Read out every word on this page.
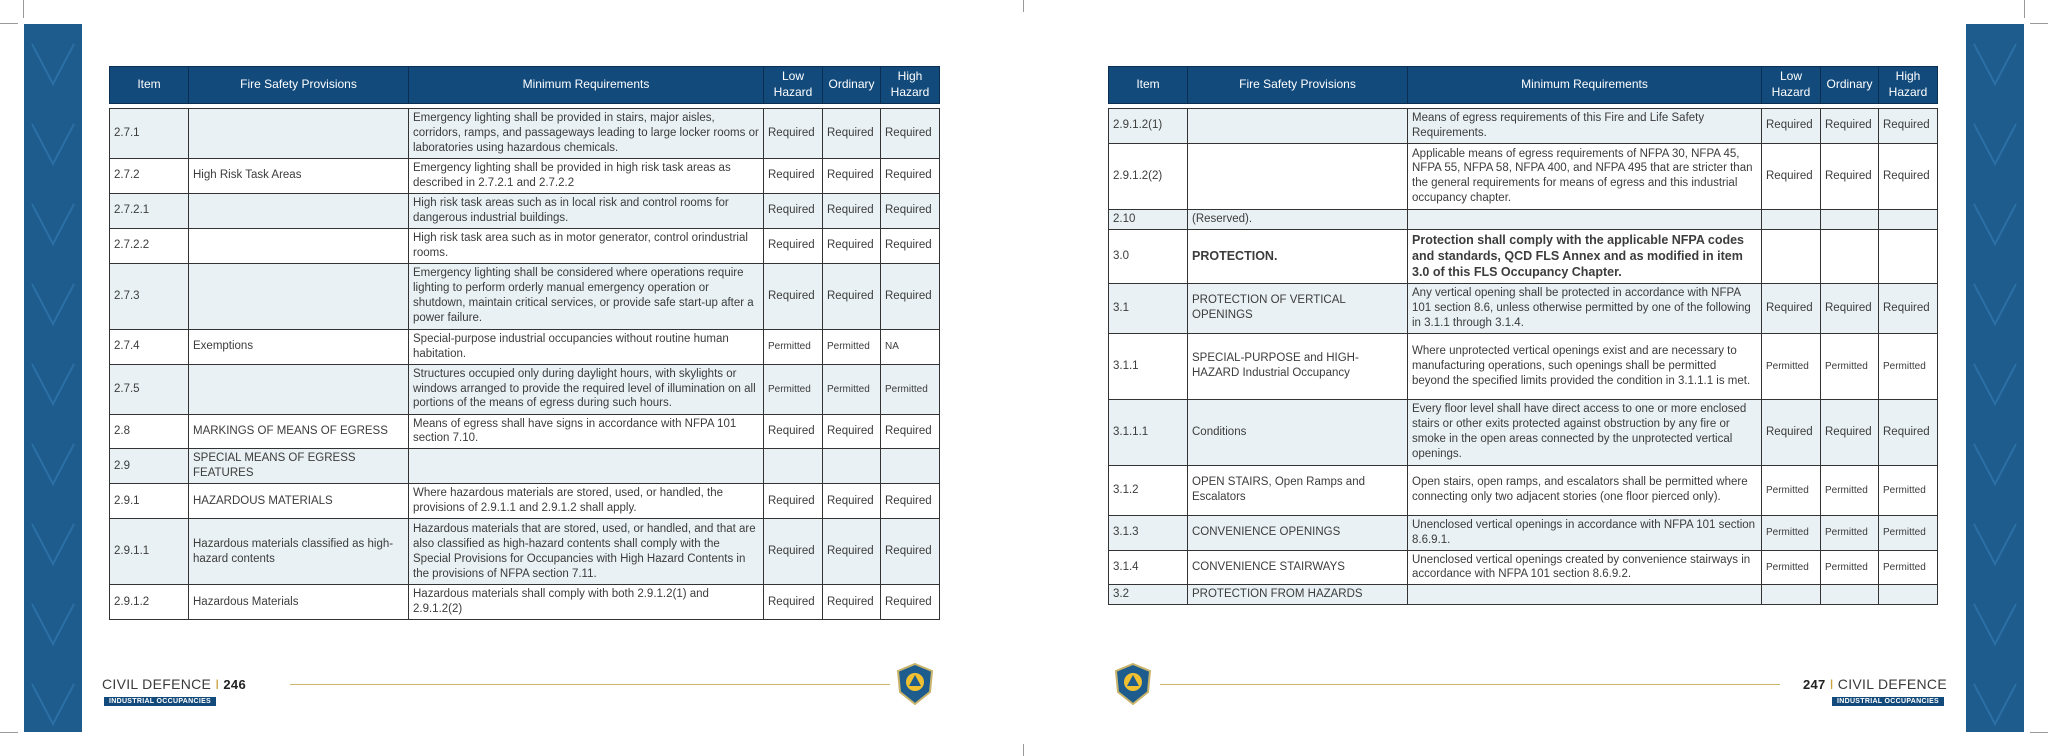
Item	Fire Safety Provisions	Minimum Requirements	Low Hazard	Ordinary	High Hazard

2.7.1		Emergency lighting shall be provided in stairs, major aisles, corridors, ramps, and passageways leading to large locker rooms or laboratories using hazardous chemicals.	Required	Required	Required
2.7.2	High Risk Task Areas	Emergency lighting shall be provided in high risk task areas as described in 2.7.2.1 and 2.7.2.2	Required	Required	Required
2.7.2.1		High risk task areas such as in local risk and control rooms for dangerous industrial buildings.	Required	Required	Required
2.7.2.2		High risk task area such as in motor generator, control orindustrial rooms.	Required	Required	Required
2.7.3		Emergency lighting shall be considered where operations require lighting to perform orderly manual emergency operation or shutdown, maintain critical services, or provide safe start-up after a power failure.	Required	Required	Required
2.7.4	Exemptions	Special-purpose industrial occupancies without routine human habitation.	Permitted	Permitted	NA
2.7.5		Structures occupied only during daylight hours, with skylights or windows arranged to provide the required level of illumination on all portions of the means of egress during such hours.	Permitted	Permitted	Permitted
2.8	MARKINGS OF MEANS OF EGRESS	Means of egress shall have signs in accordance with NFPA 101 section 7.10.	Required	Required	Required
2.9	SPECIAL MEANS OF EGRESS FEATURES				
2.9.1	HAZARDOUS MATERIALS	Where hazardous materials are stored, used, or handled, the provisions of 2.9.1.1 and 2.9.1.2 shall apply.	Required	Required	Required
2.9.1.1	Hazardous materials classified as high-hazard contents	Hazardous materials that are stored, used, or handled, and that are also classified as high-hazard contents shall comply with the Special Provisions for Occupancies with High Hazard Contents in the provisions of NFPA section 7.11.	Required	Required	Required
2.9.1.2	Hazardous Materials	Hazardous materials shall comply with both 2.9.1.2(1) and 2.9.1.2(2)	Required	Required	Required
Item	Fire Safety Provisions	Minimum Requirements	Low Hazard	Ordinary	High Hazard

2.9.1.2(1)		Means of egress requirements of this Fire and Life Safety Requirements.	Required	Required	Required
2.9.1.2(2)		Applicable means of egress requirements of NFPA 30, NFPA 45, NFPA 55, NFPA 58, NFPA 400, and NFPA 495 that are stricter than the general requirements for means of egress and this industrial occupancy chapter.	Required	Required	Required
2.10	(Reserved).				
3.0	PROTECTION.	Protection shall comply with the applicable NFPA codes and standards, QCD FLS Annex and as modified in item 3.0 of this FLS Occupancy Chapter.			
3.1	PROTECTION OF VERTICAL OPENINGS	Any vertical opening shall be protected in accordance with NFPA 101 section 8.6, unless otherwise permitted by one of the following in 3.1.1 through 3.1.4.	Required	Required	Required
3.1.1	SPECIAL-PURPOSE and HIGH-HAZARD Industrial Occupancy	Where unprotected vertical openings exist and are necessary to manufacturing operations, such openings shall be permitted beyond the specified limits provided the condition in 3.1.1.1 is met.	Permitted	Permitted	Permitted
3.1.1.1	Conditions	Every floor level shall have direct access to one or more enclosed stairs or other exits protected against obstruction by any fire or smoke in the open areas connected by the unprotected vertical openings.	Required	Required	Required
3.1.2	OPEN STAIRS, Open Ramps and Escalators	Open stairs, open ramps, and escalators shall be permitted where connecting only two adjacent stories (one floor pierced only).	Permitted	Permitted	Permitted
3.1.3	CONVENIENCE OPENINGS	Unenclosed vertical openings in accordance with NFPA 101 section 8.6.9.1.	Permitted	Permitted	Permitted
3.1.4	CONVENIENCE STAIRWAYS	Unenclosed vertical openings created by convenience stairways in accordance with NFPA 101 section 8.6.9.2.	Permitted	Permitted	Permitted
3.2	PROTECTION FROM HAZARDS				
CIVIL DEFENCE I 246
INDUSTRIAL OCCUPANCIES
247 I CIVIL DEFENCE
INDUSTRIAL OCCUPANCIES
